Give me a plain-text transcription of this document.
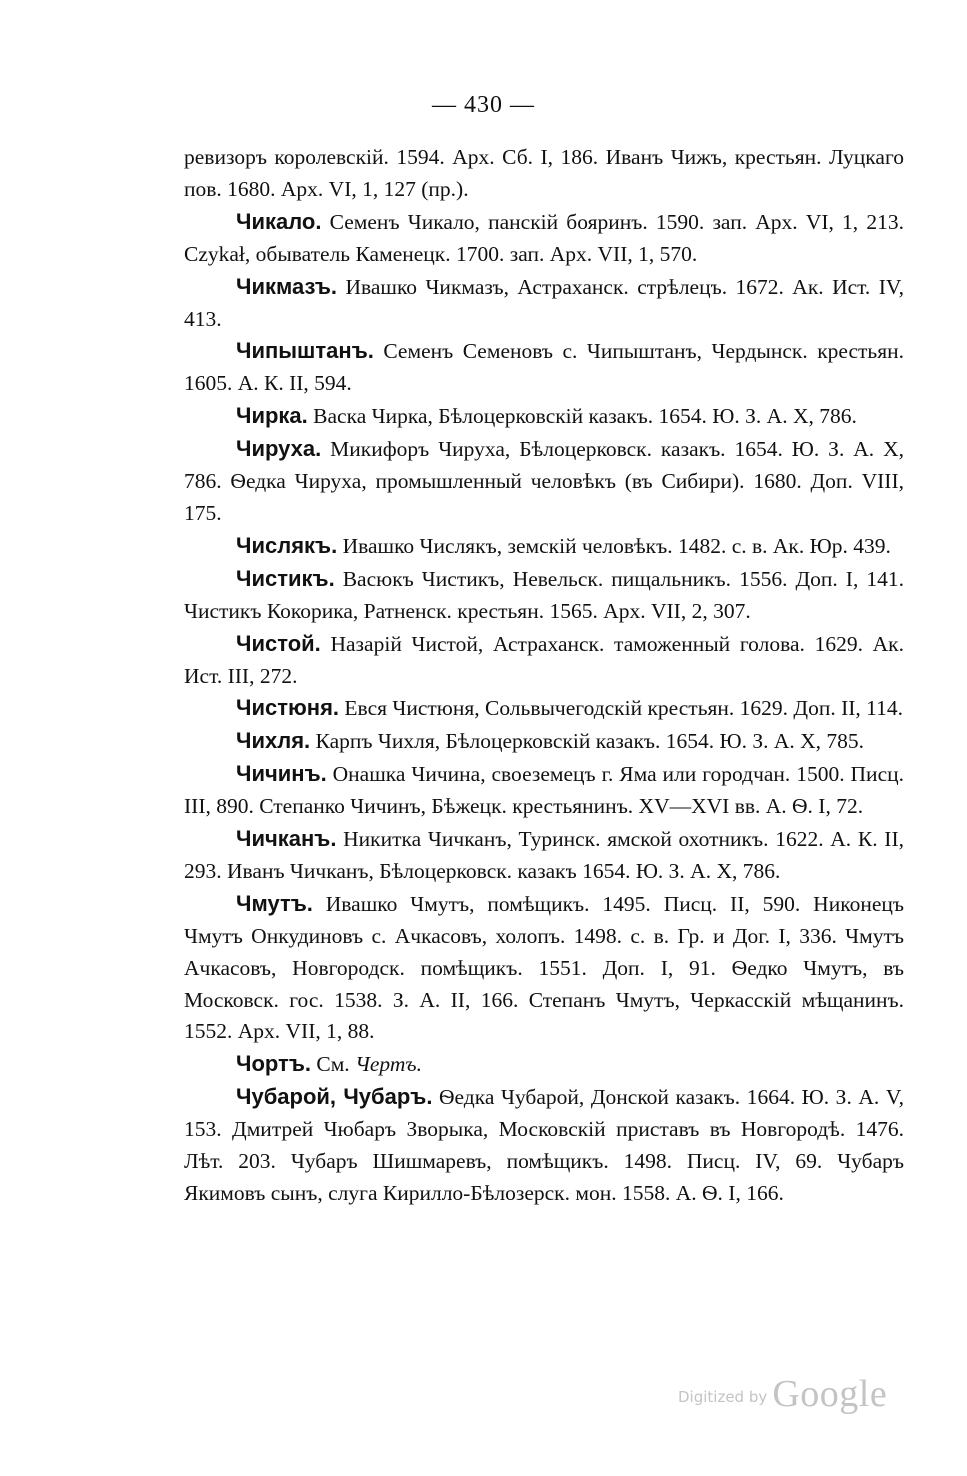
— 430 —

ревизоръ королевскій. 1594. Арх. Сб. I, 186. Иванъ Чижъ, крестьян. Луцкаго пов. 1680. Арх. VI, 1, 127 (пр.).

Чикало. Семенъ Чикало, панскій бояринъ. 1590. зап. Арх. VI, 1, 213. Czykał, обыватель Каменецк. 1700. зап. Арх. VII, 1, 570.

Чикмазъ. Ивашко Чикмазъ, Астраханск. стрѣлецъ. 1672. Ак. Ист. IV, 413.

Чипыштанъ. Семенъ Семеновъ с. Чипыштанъ, Чердынск. крестьян. 1605. А. К. II, 594.

Чирка. Васка Чирка, Бѣлоцерковскій казакъ. 1654. Ю. З. А. X, 786.

Чируха. Микифоръ Чируха, Бѣлоцерковск. казакъ. 1654. Ю. З. А. X, 786. Ѳедка Чируха, промышленный человѣкъ (въ Сибири). 1680. Доп. VIII, 175.

Числякъ. Ивашко Числякъ, земскій человѣкъ. 1482. с. в. Ак. Юр. 439.

Чистикъ. Васюкъ Чистикъ, Невельск. пищальникъ. 1556. Доп. I, 141. Чистикъ Кокорика, Ратненск. крестьян. 1565. Арх. VII, 2, 307.

Чистой. Назарій Чистой, Астраханск. таможенный голова. 1629. Ак. Ист. III, 272.

Чистюня. Евся Чистюня, Сольвычегодскій крестьян. 1629. Доп. II, 114.

Чихля. Карпъ Чихля, Бѣлоцерковскій казакъ. 1654. Ю. З. А. X, 785.

Чичинъ. Онашка Чичина, своеземецъ г. Яма или городчан. 1500. Писц. III, 890. Степанко Чичинъ, Бѣжецк. крестьянинъ. XV—XVI вв. А. Ѳ. I, 72.

Чичканъ. Никитка Чичканъ, Туринск. ямской охотникъ. 1622. А. К. II, 293. Иванъ Чичканъ, Бѣлоцерковск. казакъ 1654. Ю. З. А. X, 786.

Чмутъ. Ивашко Чмутъ, помѣщикъ. 1495. Писц. II, 590. Никонецъ Чмутъ Онкудиновъ с. Ачкасовъ, холопъ. 1498. с. в. Гр. и Дог. I, 336. Чмутъ Ачкасовъ, Новгородск. помѣщикъ. 1551. Доп. I, 91. Ѳедко Чмутъ, въ Московск. гос. 1538. З. А. II, 166. Степанъ Чмутъ, Черкасскій мѣщанинъ. 1552. Арх. VII, 1, 88.

Чортъ. См. Чертъ.

Чубарой, Чубаръ. Ѳедка Чубарой, Донской казакъ. 1664. Ю. З. А. V, 153. Дмитрей Чюбаръ Зворыка, Московскій приставъ въ Новгородѣ. 1476. Лѣт. 203. Чубаръ Шишмаревъ, помѣщикъ. 1498. Писц. IV, 69. Чубаръ Якимовъ сынъ, слуга Кирилло-Бѣлозерск. мон. 1558. А. Ѳ. I, 166.

Digitized by Google
